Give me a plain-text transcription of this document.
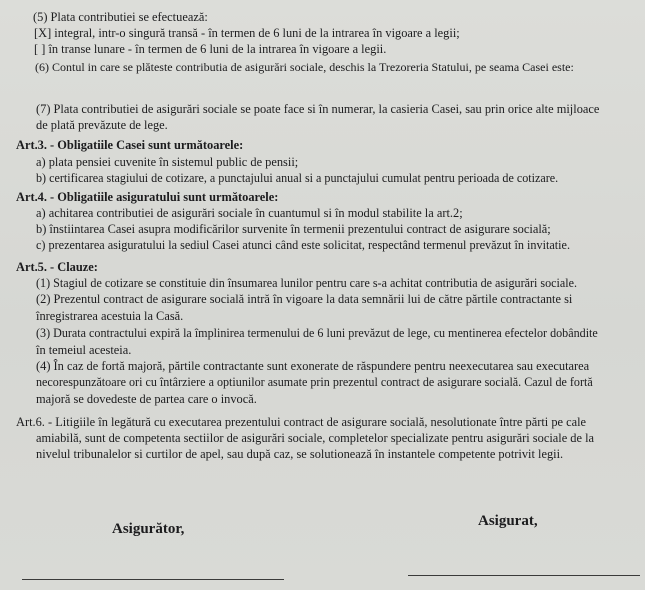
(5) Plata contributiei se efectuează:
[X] integral, intr-o singură transă - în termen de 6 luni de la intrarea în vigoare a legii;
[ ] în transe lunare - în termen de 6 luni de la intrarea în vigoare a legii.
(6) Contul in care se plăteste contributia de asigurări sociale, deschis la Trezoreria Statului, pe seama Casei este:
(7) Plata contributiei de asigurări sociale se poate face si în numerar, la casieria Casei, sau prin orice alte mijloace
de plată prevăzute de lege.
Art.3. - Obligatiile Casei sunt următoarele:
a) plata pensiei cuvenite în sistemul public de pensii;
b) certificarea stagiului de cotizare, a punctajului anual si a punctajului cumulat pentru perioada de cotizare.
Art.4. - Obligatiile asiguratului sunt următoarele:
a) achitarea contributiei de asigurări sociale în cuantumul si în modul stabilite la art.2;
b) înstiintarea Casei asupra modificărilor survenite în termenii prezentului contract de asigurare socială;
c) prezentarea asiguratului la sediul Casei atunci când este solicitat, respectând termenul prevăzut în invitatie.
Art.5. - Clauze:
(1) Stagiul de cotizare se constituie din însumarea lunilor pentru care s-a achitat contributia de asigurări sociale.
(2) Prezentul contract de asigurare socială intră în vigoare la data semnării lui de către părtile contractante si
înregistrarea acestuia la Casă.
(3) Durata contractului expiră la împlinirea termenului de 6 luni prevăzut de lege, cu mentinerea efectelor dobândite
în temeiul acesteia.
(4) În caz de fortă majoră, părtile contractante sunt exonerate de răspundere pentru neexecutarea sau executarea
necorespunzătoare ori cu întârziere a optiunilor asumate prin prezentul contract de asigurare socială. Cazul de fortă
majoră se dovedeste de partea care o invocă.
Art.6. - Litigiile în legătură cu executarea prezentului contract de asigurare socială, nesolutionate între părti pe cale
amiabilă, sunt de competenta sectiilor de asigurări sociale, completelor specializate pentru asigurări sociale de la
nivelul tribunalelor si curtilor de apel, sau după caz, se solutionează în instantele competente potrivit legii.
Asigurător,	Asigurat,
